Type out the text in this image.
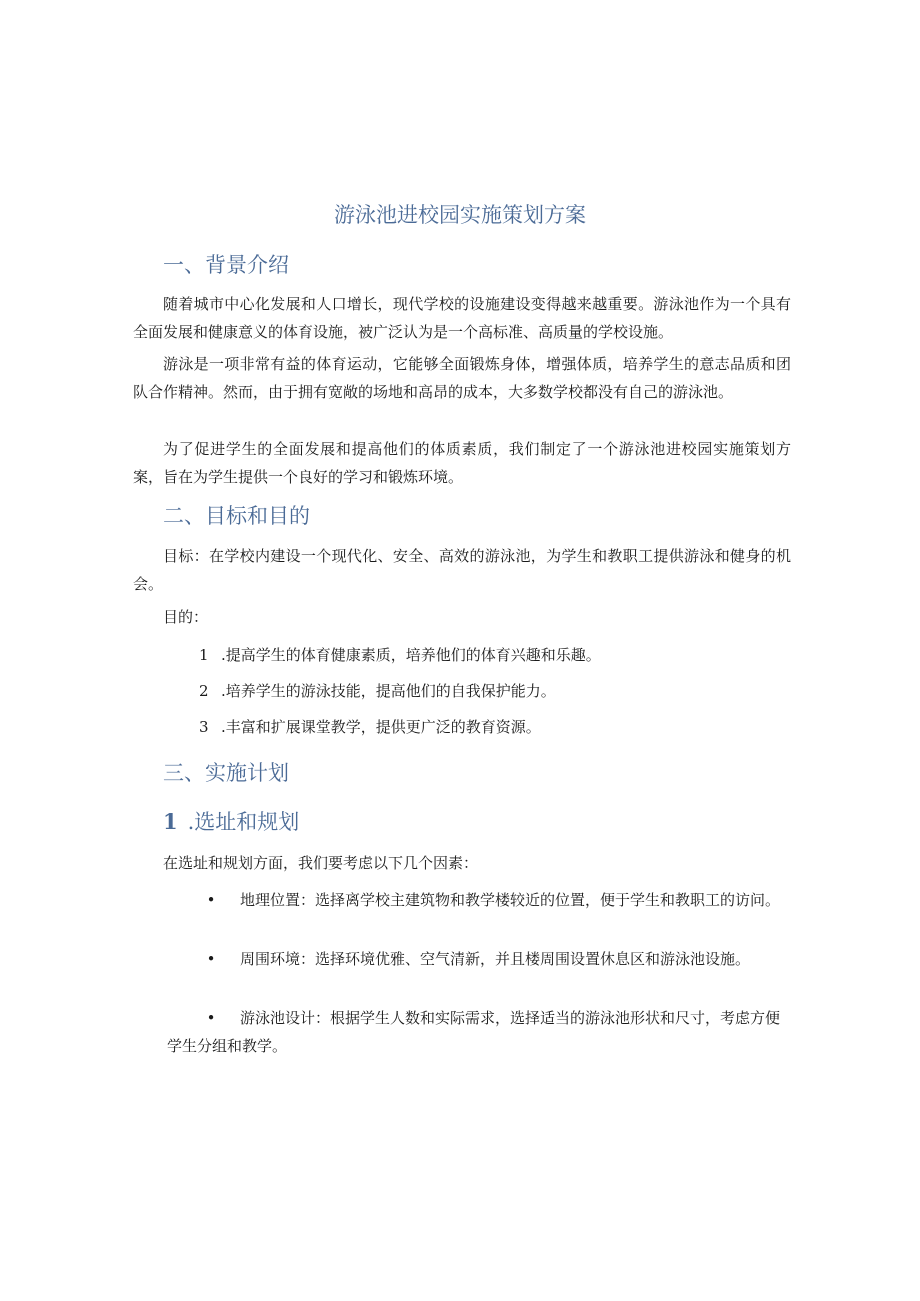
游泳池进校园实施策划方案
一、背景介绍
随着城市中心化发展和人口增长，现代学校的设施建设变得越来越重要。游泳池作为一个具有全面发展和健康意义的体育设施，被广泛认为是一个高标准、高质量的学校设施。
游泳是一项非常有益的体育运动，它能够全面锻炼身体，增强体质，培养学生的意志品质和团队合作精神。然而，由于拥有宽敞的场地和高昂的成本，大多数学校都没有自己的游泳池。
为了促进学生的全面发展和提高他们的体质素质，我们制定了一个游泳池进校园实施策划方案，旨在为学生提供一个良好的学习和锻炼环境。
二、目标和目的
目标：在学校内建设一个现代化、安全、高效的游泳池，为学生和教职工提供游泳和健身的机会。
目的：
1 .提高学生的体育健康素质，培养他们的体育兴趣和乐趣。
2 .培养学生的游泳技能，提高他们的自我保护能力。
3 .丰富和扩展课堂教学，提供更广泛的教育资源。
三、实施计划
1 .选址和规划
在选址和规划方面，我们要考虑以下几个因素：
• 地理位置：选择离学校主建筑物和教学楼较近的位置，便于学生和教职工的访问。
• 周围环境：选择环境优雅、空气清新，并且楼周围设置休息区和游泳池设施。
• 游泳池设计：根据学生人数和实际需求，选择适当的游泳池形状和尺寸，考虑方便学生分组和教学。
